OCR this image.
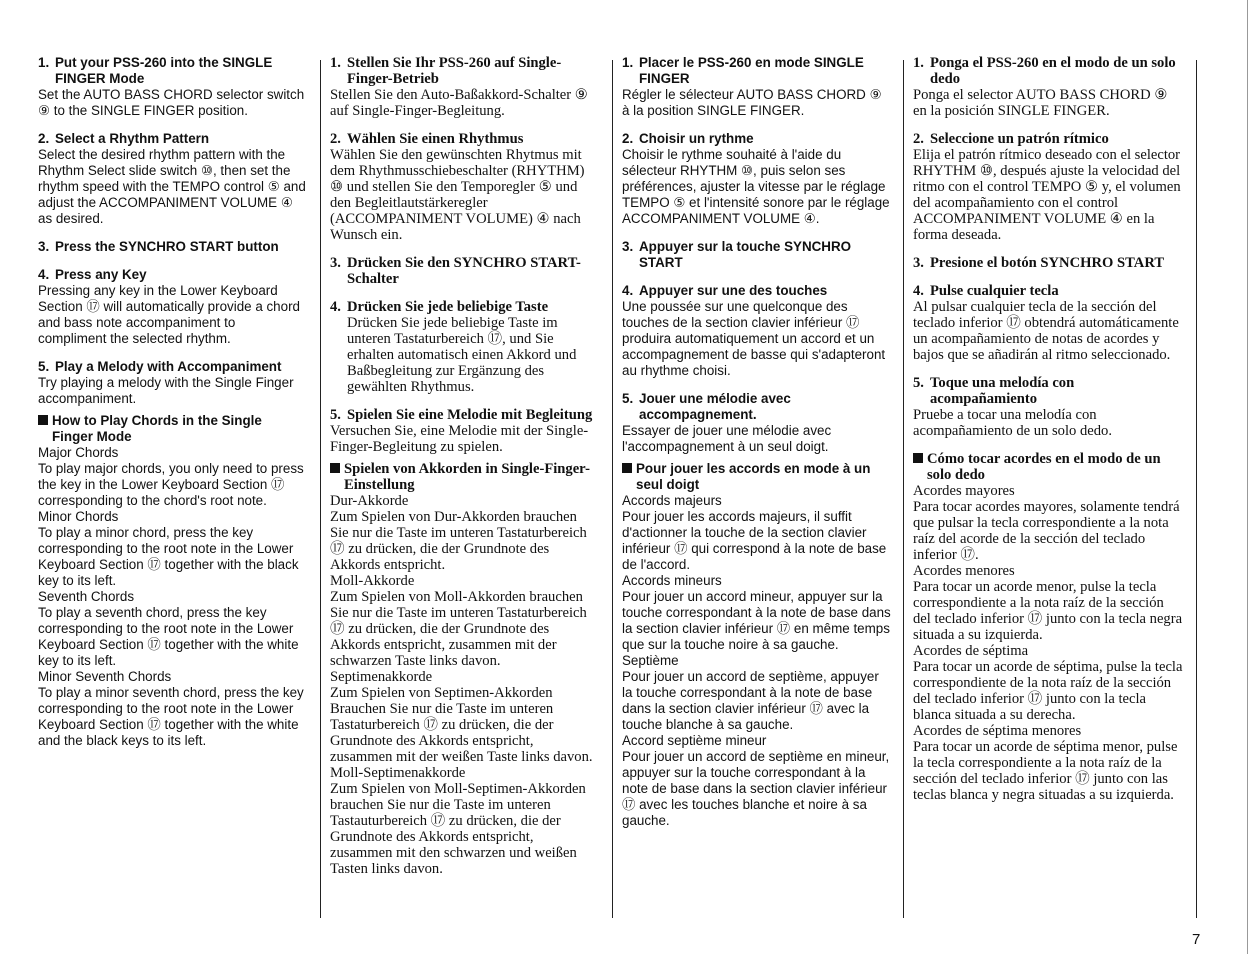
1. Put your PSS-260 into the SINGLE FINGER Mode

Set the AUTO BASS CHORD selector switch ⑨ to the SINGLE FINGER position.

2. Select a Rhythm Pattern

Select the desired rhythm pattern with the Rhythm Select slide switch ⑩, then set the rhythm speed with the TEMPO control ⑤ and adjust the ACCOMPANIMENT VOLUME ④ as desired.

3. Press the SYNCHRO START button
4. Press any Key

Pressing any key in the Lower Keyboard Section ⑰ will automatically provide a chord and bass note accompaniment to compliment the selected rhythm.

5. Play a Melody with Accompaniment

Try playing a melody with the Single Finger accompaniment.

How to Play Chords in the Single Finger Mode

Major Chords

To play major chords, you only need to press the key in the Lower Keyboard Section ⑰ corresponding to the chord's root note.

Minor Chords

To play a minor chord, press the key corresponding to the root note in the Lower Keyboard Section ⑰ together with the black key to its left.

Seventh Chords

To play a seventh chord, press the key corresponding to the root note in the Lower Keyboard Section ⑰ together with the white key to its left.

Minor Seventh Chords

To play a minor seventh chord, press the key corresponding to the root note in the Lower Keyboard Section ⑰ together with the white and the black keys to its left.

1. Stellen Sie Ihr PSS-260 auf Single-Finger-Betrieb

Stellen Sie den Auto-Baßakkord-Schalter ⑨ auf Single-Finger-Begleitung.

2. Wählen Sie einen Rhythmus

Wählen Sie den gewünschten Rhytmus mit dem Rhythmusschiebeschalter (RHYTHM) ⑩ und stellen Sie den Temporegler ⑤ und den Begleitlautstärkeregler (ACCOMPANIMENT VOLUME) ④ nach Wunsch ein.

3. Drücken Sie den SYNCHRO START-Schalter
4. Drücken Sie jede beliebige Taste

Drücken Sie jede beliebige Taste im unteren Tastaturbereich ⑰, und Sie erhalten automatisch einen Akkord und Baßbegleitung zur Ergänzung des gewählten Rhythmus.

5. Spielen Sie eine Melodie mit Begleitung

Versuchen Sie, eine Melodie mit der Single-Finger-Begleitung zu spielen.

Spielen von Akkorden in Single-Finger-Einstellung

Dur-Akkorde

Zum Spielen von Dur-Akkorden brauchen Sie nur die Taste im unteren Tastaturbereich ⑰ zu drücken, die der Grundnote des Akkords entspricht.

Moll-Akkorde

Zum Spielen von Moll-Akkorden brauchen Sie nur die Taste im unteren Tastaturbereich ⑰ zu drücken, die der Grundnote des Akkords entspricht, zusammen mit der schwarzen Taste links davon.

Septimenakkorde

Zum Spielen von Septimen-Akkorden Brauchen Sie nur die Taste im unteren Tastaturbereich ⑰ zu drücken, die der Grundnote des Akkords entspricht, zusammen mit der weißen Taste links davon.

Moll-Septimenakkorde

Zum Spielen von Moll-Septimen-Akkorden brauchen Sie nur die Taste im unteren Tastauturbereich ⑰ zu drücken, die der Grundnote des Akkords entspricht, zusammen mit den schwarzen und weißen Tasten links davon.

1. Placer le PSS-260 en mode SINGLE FINGER

Régler le sélecteur AUTO BASS CHORD ⑨ à la position SINGLE FINGER.

2. Choisir un rythme

Choisir le rythme souhaité à l'aide du sélecteur RHYTHM ⑩, puis selon ses préférences, ajuster la vitesse par le réglage TEMPO ⑤ et l'intensité sonore par le réglage ACCOMPANIMENT VOLUME ④.

3. Appuyer sur la touche SYNCHRO START
4. Appuyer sur une des touches

Une poussée sur une quelconque des touches de la section clavier inférieur ⑰ produira automatiquement un accord et un accompagnement de basse qui s'adapteront au rhythme choisi.

5. Jouer une mélodie avec accompagnement.

Essayer de jouer une mélodie avec l'accompagnement à un seul doigt.

Pour jouer les accords en mode à un seul doigt

Accords majeurs

Pour jouer les accords majeurs, il suffit d'actionner la touche de la section clavier inférieur ⑰ qui correspond à la note de base de l'accord.

Accords mineurs

Pour jouer un accord mineur, appuyer sur la touche correspondant à la note de base dans la section clavier inférieur ⑰ en même temps que sur la touche noire à sa gauche.

Septième

Pour jouer un accord de septième, appuyer la touche correspondant à la note de base dans la section clavier inférieur ⑰ avec la touche blanche à sa gauche.

Accord septième mineur

Pour jouer un accord de septième en mineur, appuyer sur la touche correspondant à la note de base dans la section clavier inférieur ⑰ avec les touches blanche et noire à sa gauche.

1. Ponga el PSS-260 en el modo de un solo dedo

Ponga el selector AUTO BASS CHORD ⑨ en la posición SINGLE FINGER.

2. Seleccione un patrón rítmico

Elija el patrón rítmico deseado con el selector RHYTHM ⑩, después ajuste la velocidad del ritmo con el control TEMPO ⑤ y, el volumen del acompañamiento con el control ACCOMPANIMENT VOLUME ④ en la forma deseada.

3. Presione el botón SYNCHRO START
4. Pulse cualquier tecla

Al pulsar cualquier tecla de la sección del teclado inferior ⑰ obtendrá automáticamente un acompañamiento de notas de acordes y bajos que se añadirán al ritmo seleccionado.

5. Toque una melodía con acompañamiento

Pruebe a tocar una melodía con acompañamiento de un solo dedo.

Cómo tocar acordes en el modo de un solo dedo

Acordes mayores

Para tocar acordes mayores, solamente tendrá que pulsar la tecla correspondiente a la nota raíz del acorde de la sección del teclado inferior ⑰.

Acordes menores

Para tocar un acorde menor, pulse la tecla correspondiente a la nota raíz de la sección del teclado inferior ⑰ junto con la tecla negra situada a su izquierda.

Acordes de séptima

Para tocar un acorde de séptima, pulse la tecla correspondiente de la nota raíz de la sección del teclado inferior ⑰ junto con la tecla blanca situada a su derecha.

Acordes de séptima menores

Para tocar un acorde de séptima menor, pulse la tecla correspondiente a la nota raíz de la sección del teclado inferior ⑰ junto con las teclas blanca y negra situadas a su izquierda.

7
